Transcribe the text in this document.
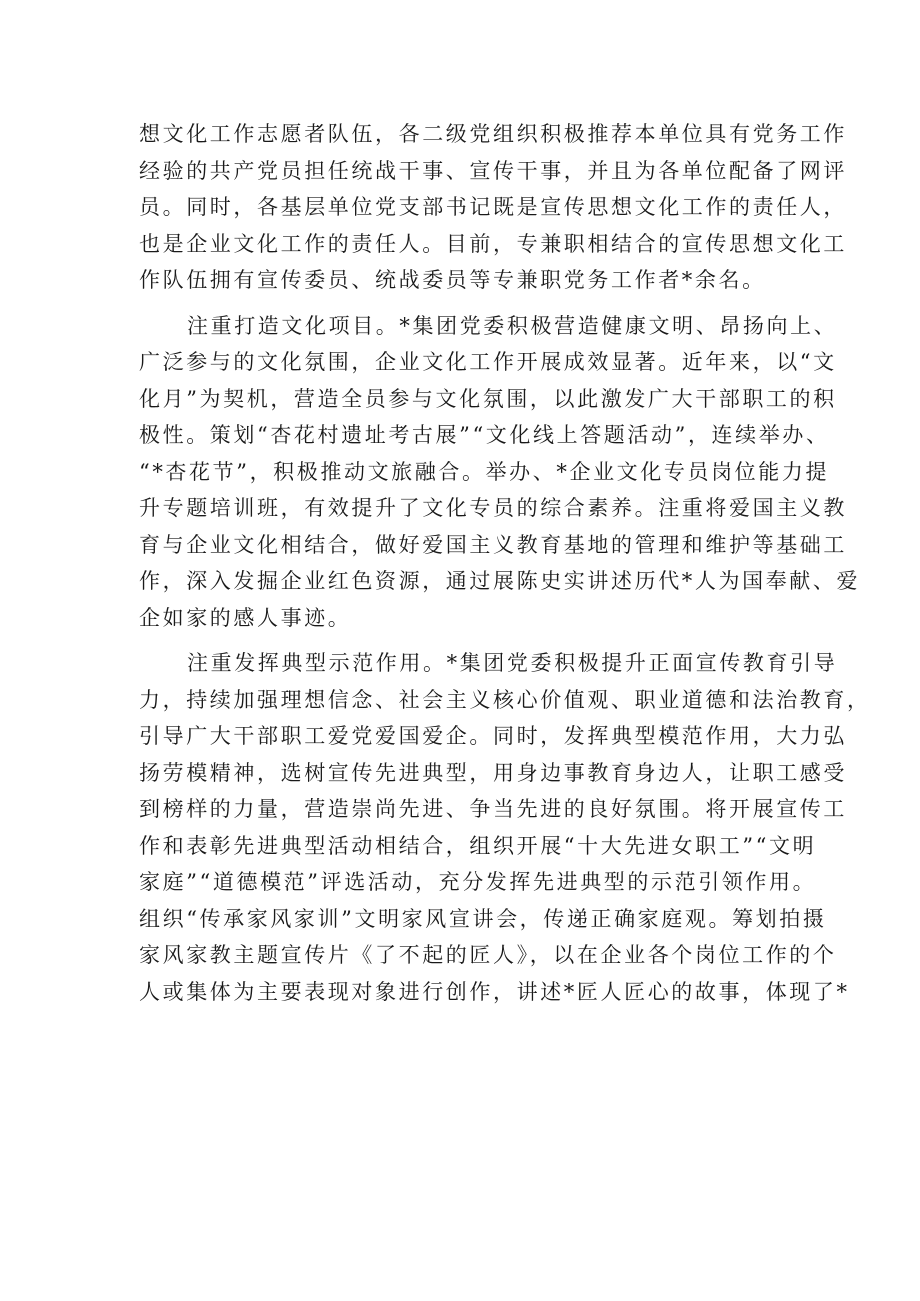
想文化工作志愿者队伍，各二级党组织积极推荐本单位具有党务工作
经验的共产党员担任统战干事、宣传干事，并且为各单位配备了网评
员。同时，各基层单位党支部书记既是宣传思想文化工作的责任人，
也是企业文化工作的责任人。目前，专兼职相结合的宣传思想文化工
作队伍拥有宣传委员、统战委员等专兼职党务工作者*余名。
注重打造文化项目。*集团党委积极营造健康文明、昂扬向上、
广泛参与的文化氛围，企业文化工作开展成效显著。近年来，以“文
化月”为契机，营造全员参与文化氛围，以此激发广大干部职工的积
极性。策划“杏花村遗址考古展”“文化线上答题活动”，连续举办、
“*杏花节”，积极推动文旅融合。举办、*企业文化专员岗位能力提
升专题培训班，有效提升了文化专员的综合素养。注重将爱国主义教
育与企业文化相结合，做好爱国主义教育基地的管理和维护等基础工
作，深入发掘企业红色资源，通过展陈史实讲述历代*人为国奉献、爱
企如家的感人事迹。
注重发挥典型示范作用。*集团党委积极提升正面宣传教育引导
力，持续加强理想信念、社会主义核心价值观、职业道德和法治教育，
引导广大干部职工爱党爱国爱企。同时，发挥典型模范作用，大力弘
扬劳模精神，选树宣传先进典型，用身边事教育身边人，让职工感受
到榜样的力量，营造崇尚先进、争当先进的良好氛围。将开展宣传工
作和表彰先进典型活动相结合，组织开展“十大先进女职工”“文明
家庭”“道德模范”评选活动，充分发挥先进典型的示范引领作用。
组织“传承家风家训”文明家风宣讲会，传递正确家庭观。筹划拍摄
家风家教主题宣传片《了不起的匠人》，以在企业各个岗位工作的个
人或集体为主要表现对象进行创作，讲述*匠人匠心的故事，体现了*
